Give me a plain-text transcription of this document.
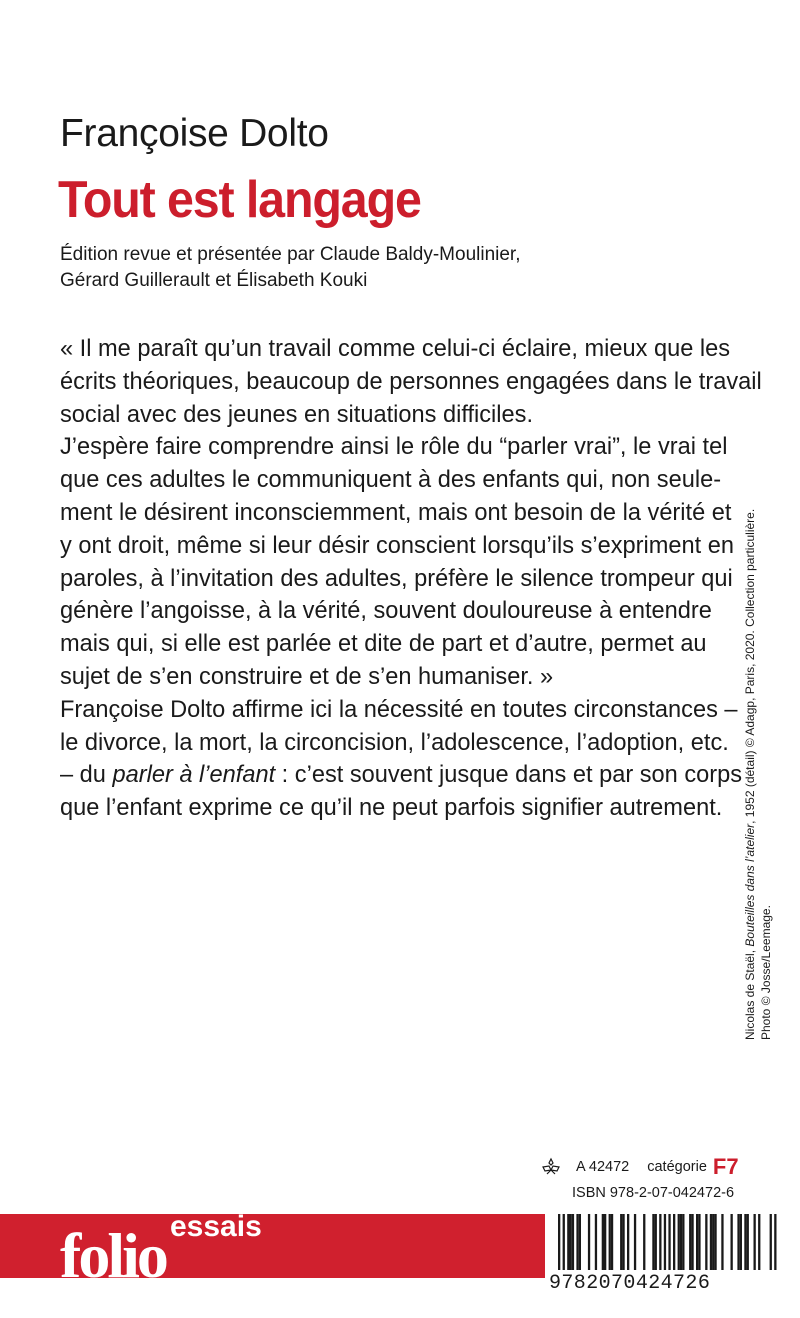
Françoise Dolto
Tout est langage
Édition revue et présentée par Claude Baldy-Moulinier,
Gérard Guillerault et Élisabeth Kouki

« Il me paraît qu’un travail comme celui-ci éclaire, mieux que les

écrits théoriques, beaucoup de personnes engagées dans le travail

social avec des jeunes en situations difficiles.

J’espère faire comprendre ainsi le rôle du “parler vrai”, le vrai tel

que ces adultes le communiquent à des enfants qui, non seule-

ment le désirent inconsciemment, mais ont besoin de la vérité et

y ont droit, même si leur désir conscient lorsqu’ils s’expriment en

paroles, à l’invitation des adultes, préfère le silence trompeur qui

génère l’angoisse, à la vérité, souvent douloureuse à entendre

mais qui, si elle est parlée et dite de part et d’autre, permet au

sujet de s’en construire et de s’en humaniser. »

Françoise Dolto affirme ici la nécessité en toutes circonstances –

le divorce, la mort, la circoncision, l’adolescence, l’adoption, etc.

– du parler à l’enfant : c’est souvent jusque dans et par son corps

que l’enfant exprime ce qu’il ne peut parfois signifier autrement.

Nicolas de Staël, Bouteilles dans l’atelier, 1952 (détail) © Adagp, Paris, 2020. Collection particulière.
Photo © Josse/Leemage.
A 42472 catégorie F7
ISBN 978-2-07-042472-6
folio essais
9782070424726
